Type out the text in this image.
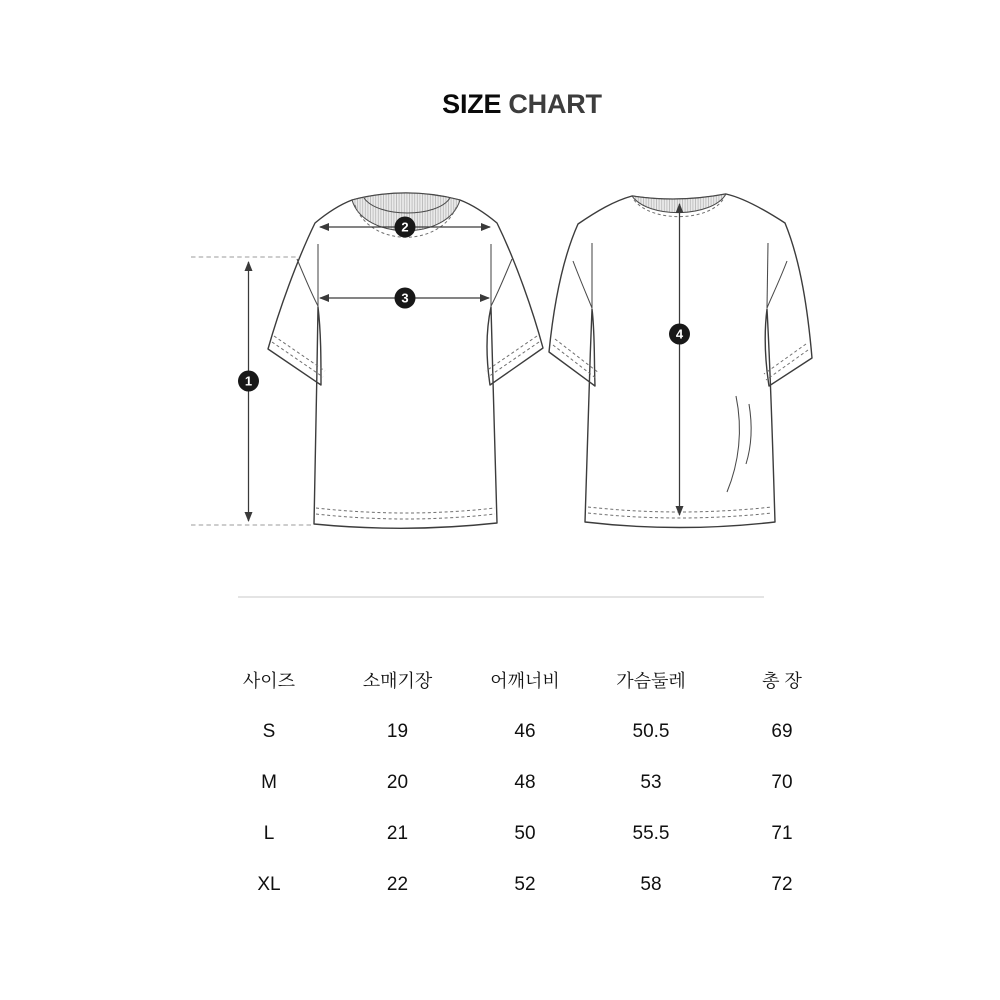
SIZE CHART
1
2
3
4
사이즈	소매기장	어깨너비	가슴둘레	총 장
S	19	46	50.5	69
M	20	48	53	70
L	21	50	55.5	71
XL	22	52	58	72
